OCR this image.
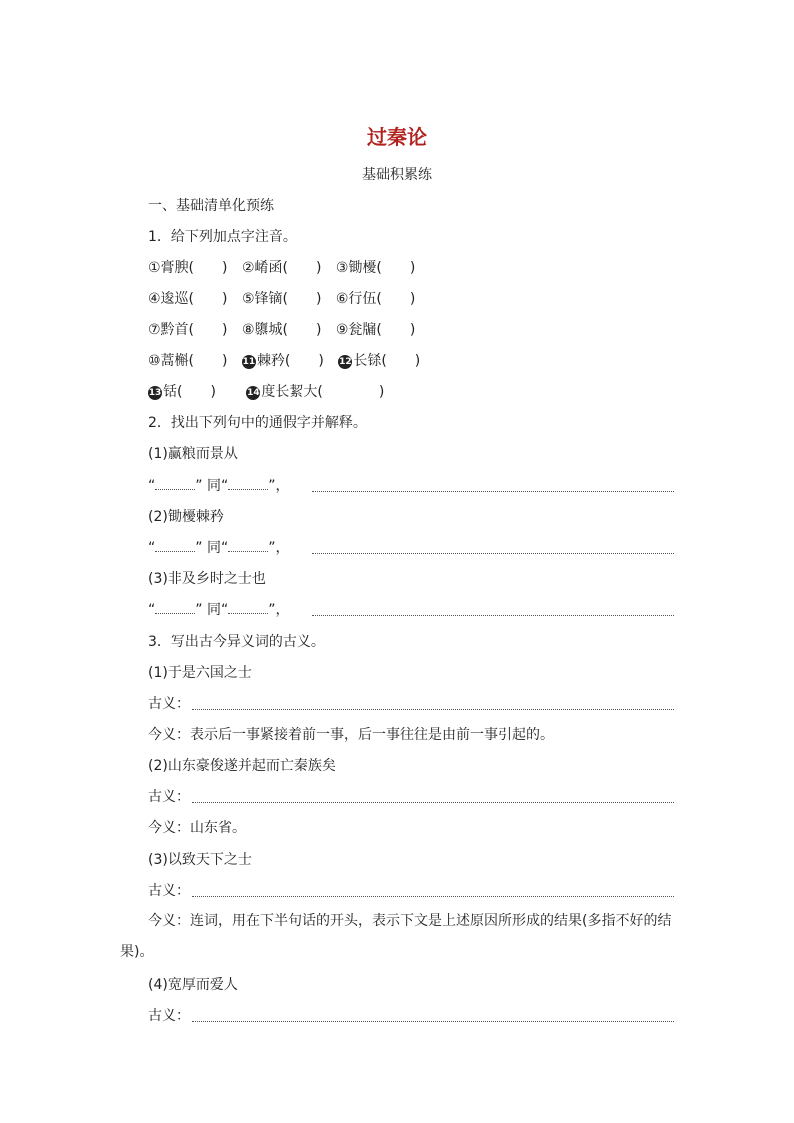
过秦论
基础积累练
一、基础清单化预练
1．给下列加点字注音。
①膏腴(　　) ②崤函(　　) ③锄櫌(　　)
④逡巡(　　) ⑤锋镝(　　) ⑥行伍(　　)
⑦黔首(　　) ⑧隳城(　　) ⑨瓮牖(　　)
⑩蒿槲(　　) 11 棘矜(　　) 12 长铩(　　)
13 铦(　　)	14 度长絜大(　　　　)
2．找出下列句中的通假字并解释。
(1)赢粮而景从
“	” 同“	”，
(2)锄櫌棘矜
“	” 同“	”，
(3)非及乡时之士也
“	” 同“	”，
3．写出古今异义词的古义。
(1)于是六国之士
古义：
今义：表示后一事紧接着前一事，后一事往往是由前一事引起的。
(2)山东豪俊遂并起而亡秦族矣
古义：
今义：山东省。
(3)以致天下之士
古义：
今义：连词，用在下半句话的开头，表示下文是上述原因所形成的结果(多指不好的结果)。
(4)宽厚而爱人
古义：
